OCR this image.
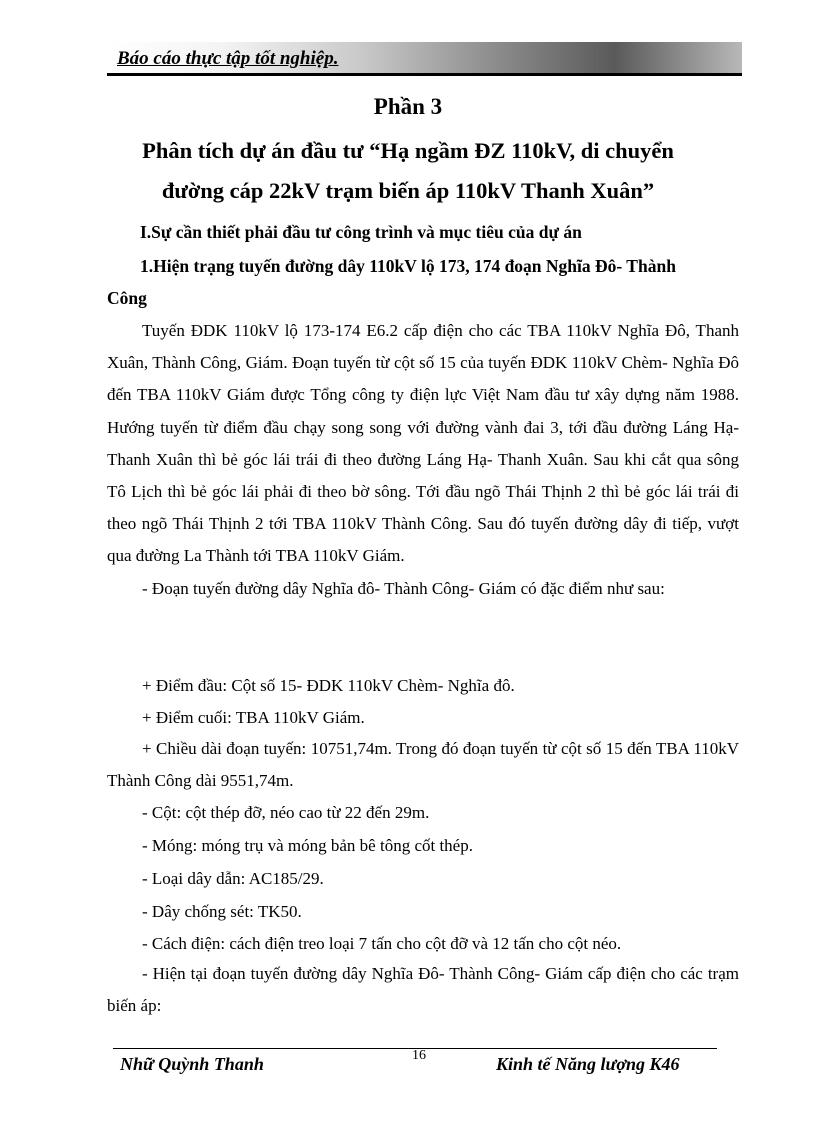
Báo cáo thực tập tốt nghiệp.
Phần 3
Phân tích dự án đầu tư “Hạ ngầm ĐZ 110kV, di chuyển
đường cáp 22kV trạm biến áp 110kV Thanh Xuân”
I.Sự cần thiết phải đầu tư công trình và mục tiêu của dự án
1.Hiện trạng tuyến đường dây 110kV lộ 173, 174 đoạn Nghĩa Đô- Thành
Công

Tuyến ĐDK 110kV lộ 173-174 E6.2 cấp điện cho các TBA 110kV Nghĩa Đô, Thanh Xuân, Thành Công, Giám. Đoạn tuyến từ cột số 15 của tuyến ĐDK 110kV Chèm- Nghĩa Đô đến TBA 110kV Giám được Tổng công ty điện lực Việt Nam đầu tư xây dựng năm 1988. Hướng tuyến từ điểm đầu chạy song song với đường vành đai 3, tới đầu đường Láng Hạ- Thanh Xuân thì bẻ góc lái trái đi theo đường Láng Hạ- Thanh Xuân. Sau khi cắt qua sông Tô Lịch thì bẻ góc lái phải đi theo bờ sông. Tới đầu ngõ Thái Thịnh 2 thì bẻ góc lái trái đi theo ngõ Thái Thịnh 2 tới TBA 110kV Thành Công. Sau đó tuyến đường dây đi tiếp, vượt qua đường La Thành tới TBA 110kV Giám.

- Đoạn tuyến đường dây Nghĩa đô- Thành Công- Giám có đặc điểm như sau:

+ Điểm đầu: Cột số 15- ĐDK 110kV Chèm- Nghĩa đô.
+ Điểm cuối: TBA 110kV Giám.

+ Chiều dài đoạn tuyến: 10751,74m. Trong đó đoạn tuyến từ cột số 15 đến TBA 110kV Thành Công dài 9551,74m.

- Cột: cột thép đỡ, néo cao từ 22 đến 29m.
- Móng: móng trụ và móng bản bê tông cốt thép.
- Loại dây dẫn: AC185/29.
- Dây chống sét: TK50.
- Cách điện: cách điện treo loại 7 tấn cho cột đỡ và 12 tấn cho cột néo.

- Hiện tại đoạn tuyến đường dây Nghĩa Đô- Thành Công- Giám cấp điện cho các trạm biến áp:

Nhữ Quỳnh Thanh	16	Kinh tế Năng lượng K46
